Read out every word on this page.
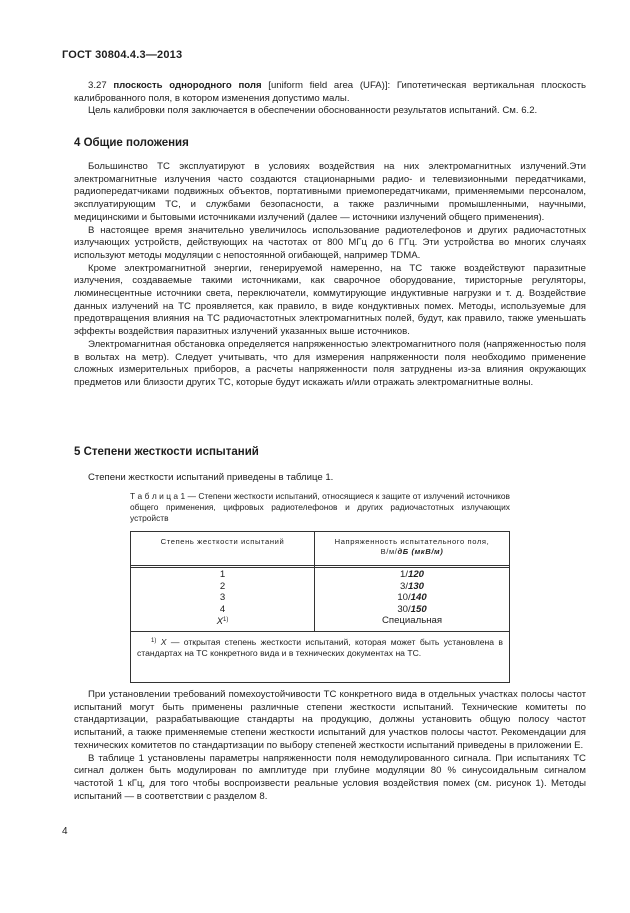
ГОСТ 30804.4.3—2013

3.27 плоскость однородного поля [uniform field area (UFA)]: Гипотетическая вертикальная плоскость калиброванного поля, в котором изменения допустимо малы.

Цель калибровки поля заключается в обеспечении обоснованности результатов испытаний. См. 6.2.

4 Общие положения

Большинство ТС эксплуатируют в условиях воздействия на них электромагнитных излучений.Эти электромагнитные излучения часто создаются стационарными радио- и телевизионными передатчиками, радиопередатчиками подвижных объектов, портативными приемопередатчиками, применяемыми персоналом, эксплуатирующим ТС, и службами безопасности, а также различными промышленными, научными, медицинскими и бытовыми источниками излучений (далее — источники излучений общего применения).

В настоящее время значительно увеличилось использование радиотелефонов и других радиочастотных излучающих устройств, действующих на частотах от 800 МГц до 6 ГГц. Эти устройства во многих случаях используют методы модуляции с непостоянной огибающей, например TDMA.

Кроме электромагнитной энергии, генерируемой намеренно, на ТС также воздействуют паразитные излучения, создаваемые такими источниками, как сварочное оборудование, тиристорные регуляторы, люминесцентные источники света, переключатели, коммутирующие индуктивные нагрузки и т. д. Воздействие данных излучений на ТС проявляется, как правило, в виде кондуктивных помех. Методы, используемые для предотвращения влияния на ТС радиочастотных электромагнитных полей, будут, как правило, также уменьшать эффекты воздействия паразитных излучений указанных выше источников.

Электромагнитная обстановка определяется напряженностью электромагнитного поля (напряженностью поля в вольтах на метр). Следует учитывать, что для измерения напряженности поля необходимо применение сложных измерительных приборов, а расчеты напряженности поля затруднены из-за влияния окружающих предметов или близости других ТС, которые будут искажать и/или отражать электромагнитные волны.

5 Степени жесткости испытаний

Степени жесткости испытаний приведены в таблице 1.

Т а б л и ц а 1 — Степени жесткости испытаний, относящиеся к защите от излучений источников общего применения, цифровых радиотелефонов и других радиочастотных излучающих устройств
Степень жесткости испытаний	Напряженность испытательного поля,
В/м/дБ (мкВ/м)
1
2
3
4
$X^{1)}$
1/120
3/130
10/140
30/150
Специальная
$^{1)}$ X — открытая степень жесткости испытаний, которая может быть установлена в стандартах на ТС конкретного вида и в технических документах на ТС.

При установлении требований помехоустойчивости ТС конкретного вида в отдельных участках полосы частот испытаний могут быть применены различные степени жесткости испытаний. Технические комитеты по стандартизации, разрабатывающие стандарты на продукцию, должны установить общую полосу частот испытаний, а также применяемые степени жесткости испытаний для участков полосы частот. Рекомендации для технических комитетов по стандартизации по выбору степеней жесткости испытаний приведены в приложении Е.

В таблице 1 установлены параметры напряженности поля немодулированного сигнала. При испытаниях ТС сигнал должен быть модулирован по амплитуде при глубине модуляции 80 % синусоидальным сигналом частотой 1 кГц, для того чтобы воспроизвести реальные условия воздействия помех (см. рисунок 1). Методы испытаний — в соответствии с разделом 8.

4
